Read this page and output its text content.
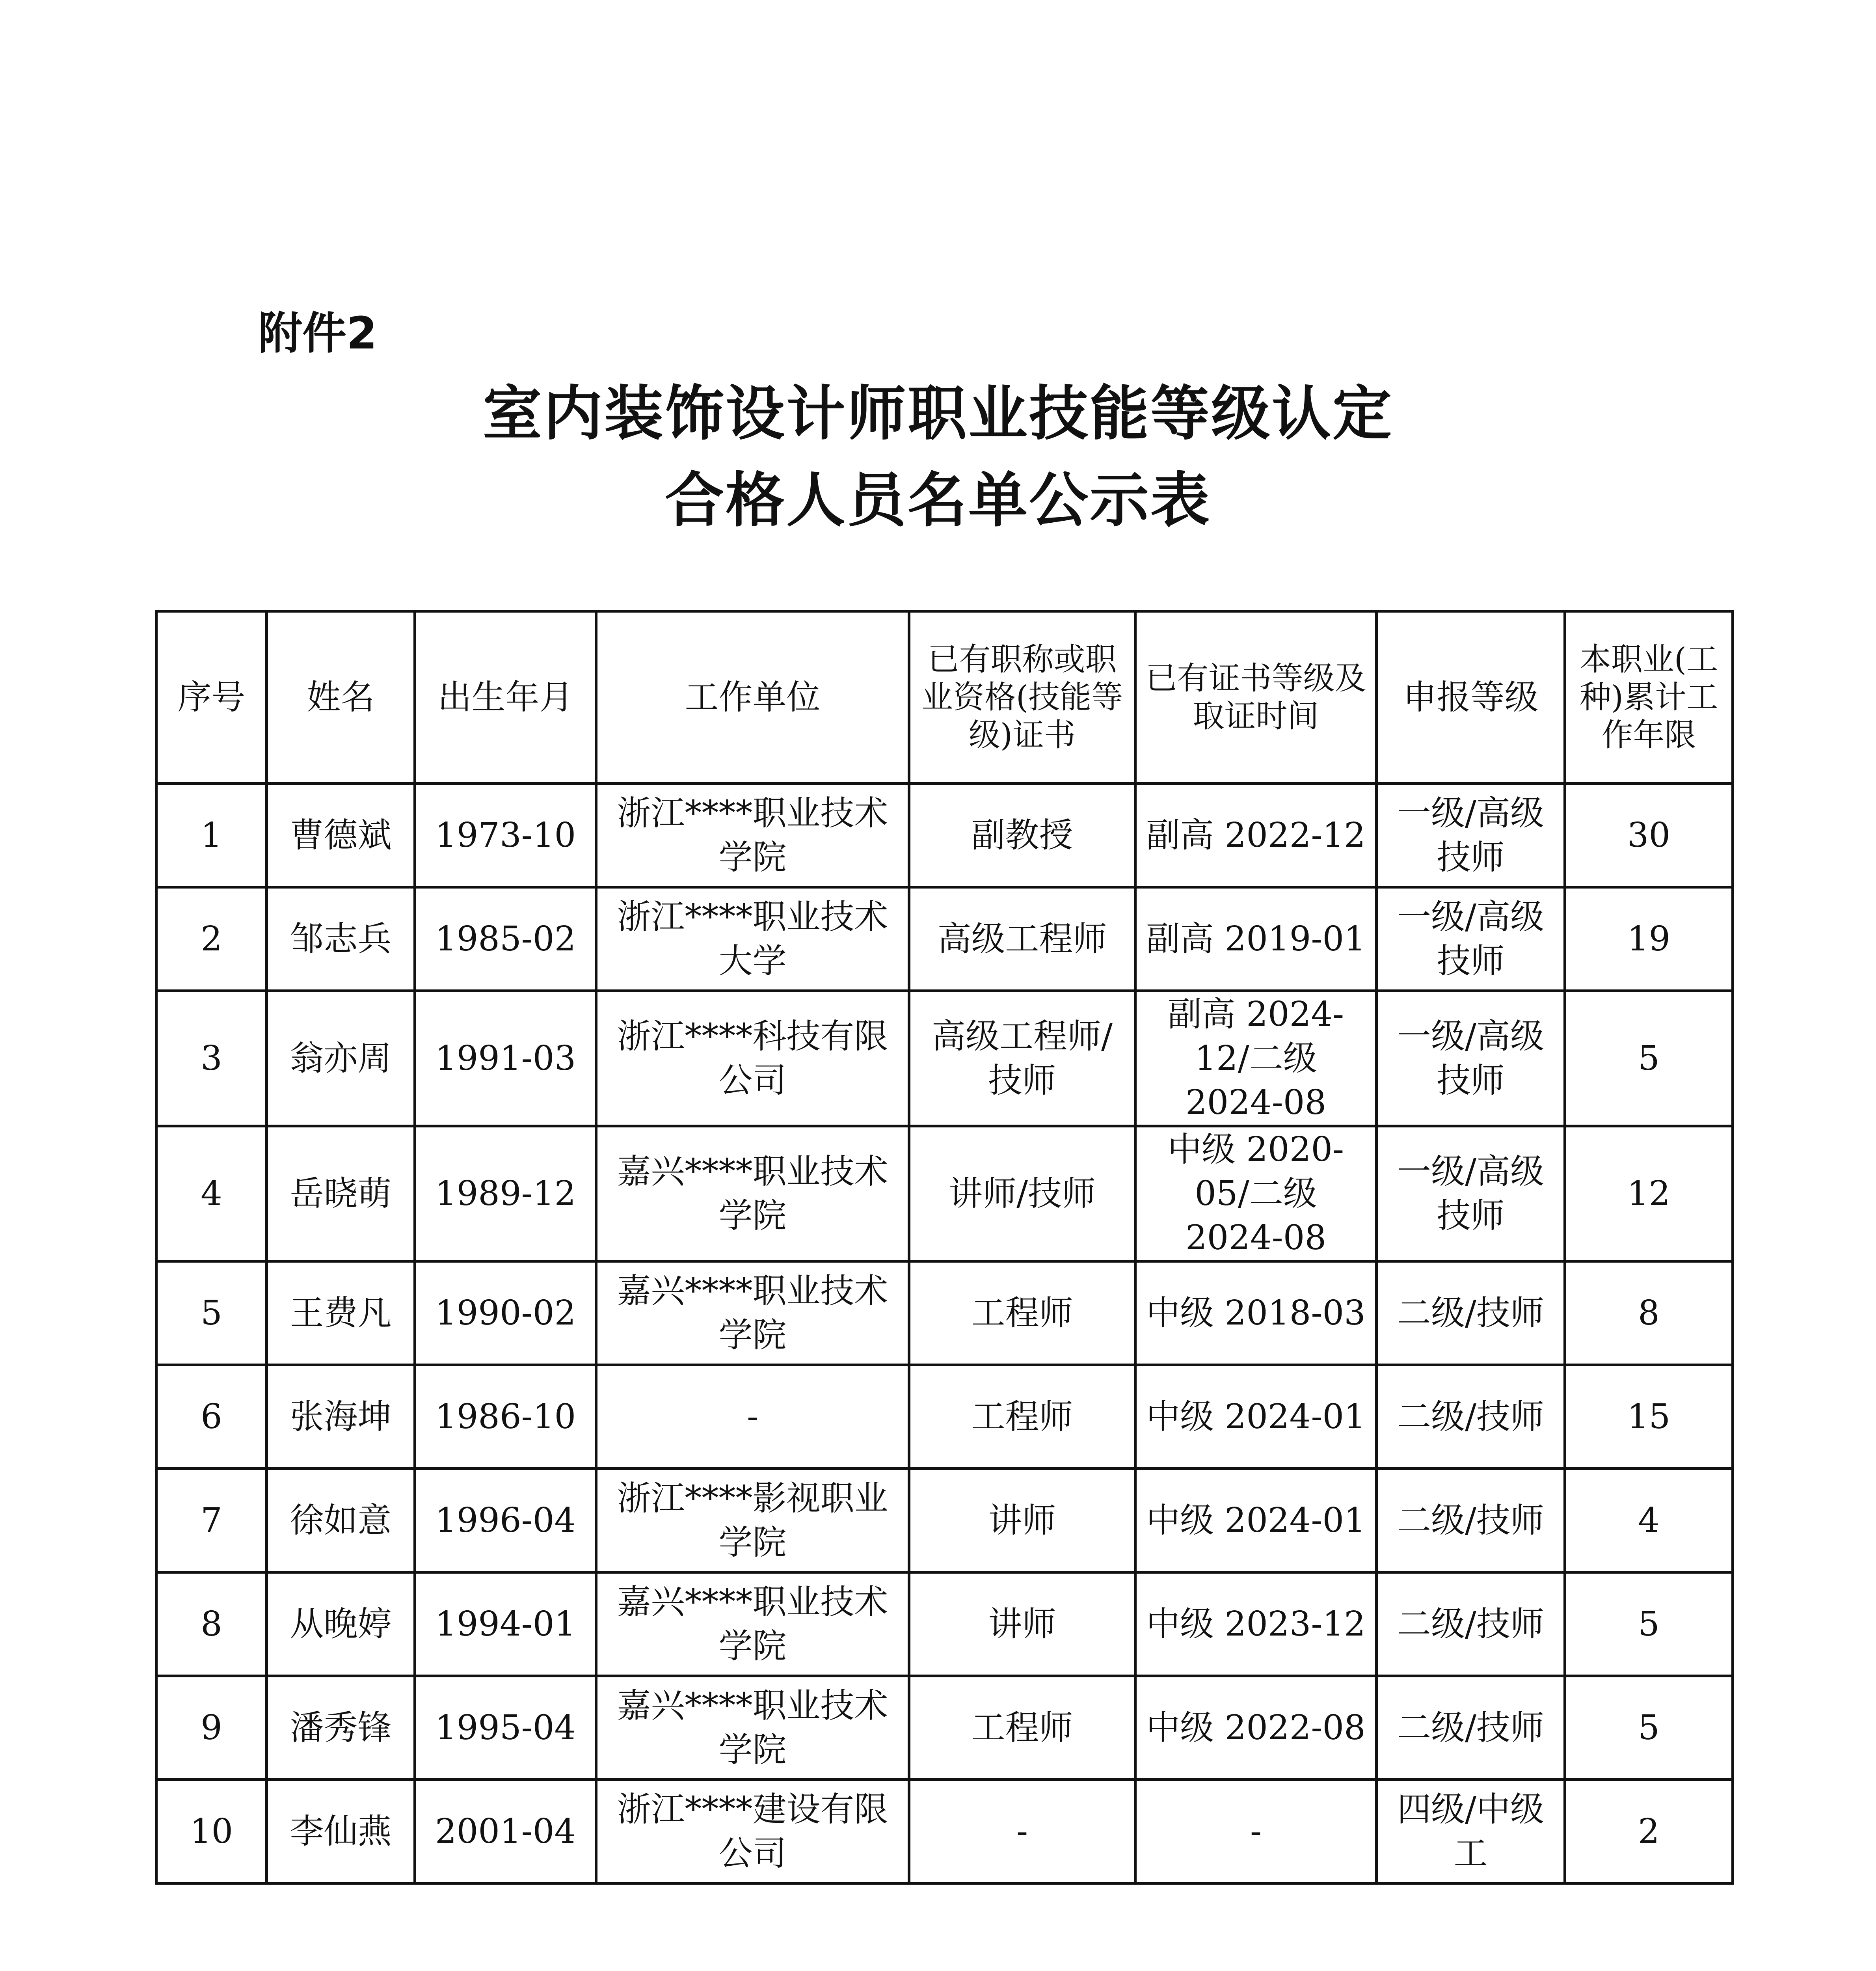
附件2
室内装饰设计师职业技能等级认定
合格人员名单公示表
序号	姓名	出生年月	工作单位	已有职称或职业资格(技能等级)证书	已有证书等级及取证时间	申报等级	本职业(工种)累计工作年限
1	曹德斌	1973-10	浙江****职业技术学院	副教授	副高 2022-12	一级/高级技师	30
2	邹志兵	1985-02	浙江****职业技术大学	高级工程师	副高 2019-01	一级/高级技师	19
3	翁亦周	1991-03	浙江****科技有限公司	高级工程师/技师	副高 2024-12/二级 2024-08	一级/高级技师	5
4	岳晓萌	1989-12	嘉兴****职业技术学院	讲师/技师	中级 2020-05/二级 2024-08	一级/高级技师	12
5	王费凡	1990-02	嘉兴****职业技术学院	工程师	中级 2018-03	二级/技师	8
6	张海坤	1986-10	-	工程师	中级 2024-01	二级/技师	15
7	徐如意	1996-04	浙江****影视职业学院	讲师	中级 2024-01	二级/技师	4
8	从晚婷	1994-01	嘉兴****职业技术学院	讲师	中级 2023-12	二级/技师	5
9	潘秀锋	1995-04	嘉兴****职业技术学院	工程师	中级 2022-08	二级/技师	5
10	李仙燕	2001-04	浙江****建设有限公司	-	-	四级/中级工	2
